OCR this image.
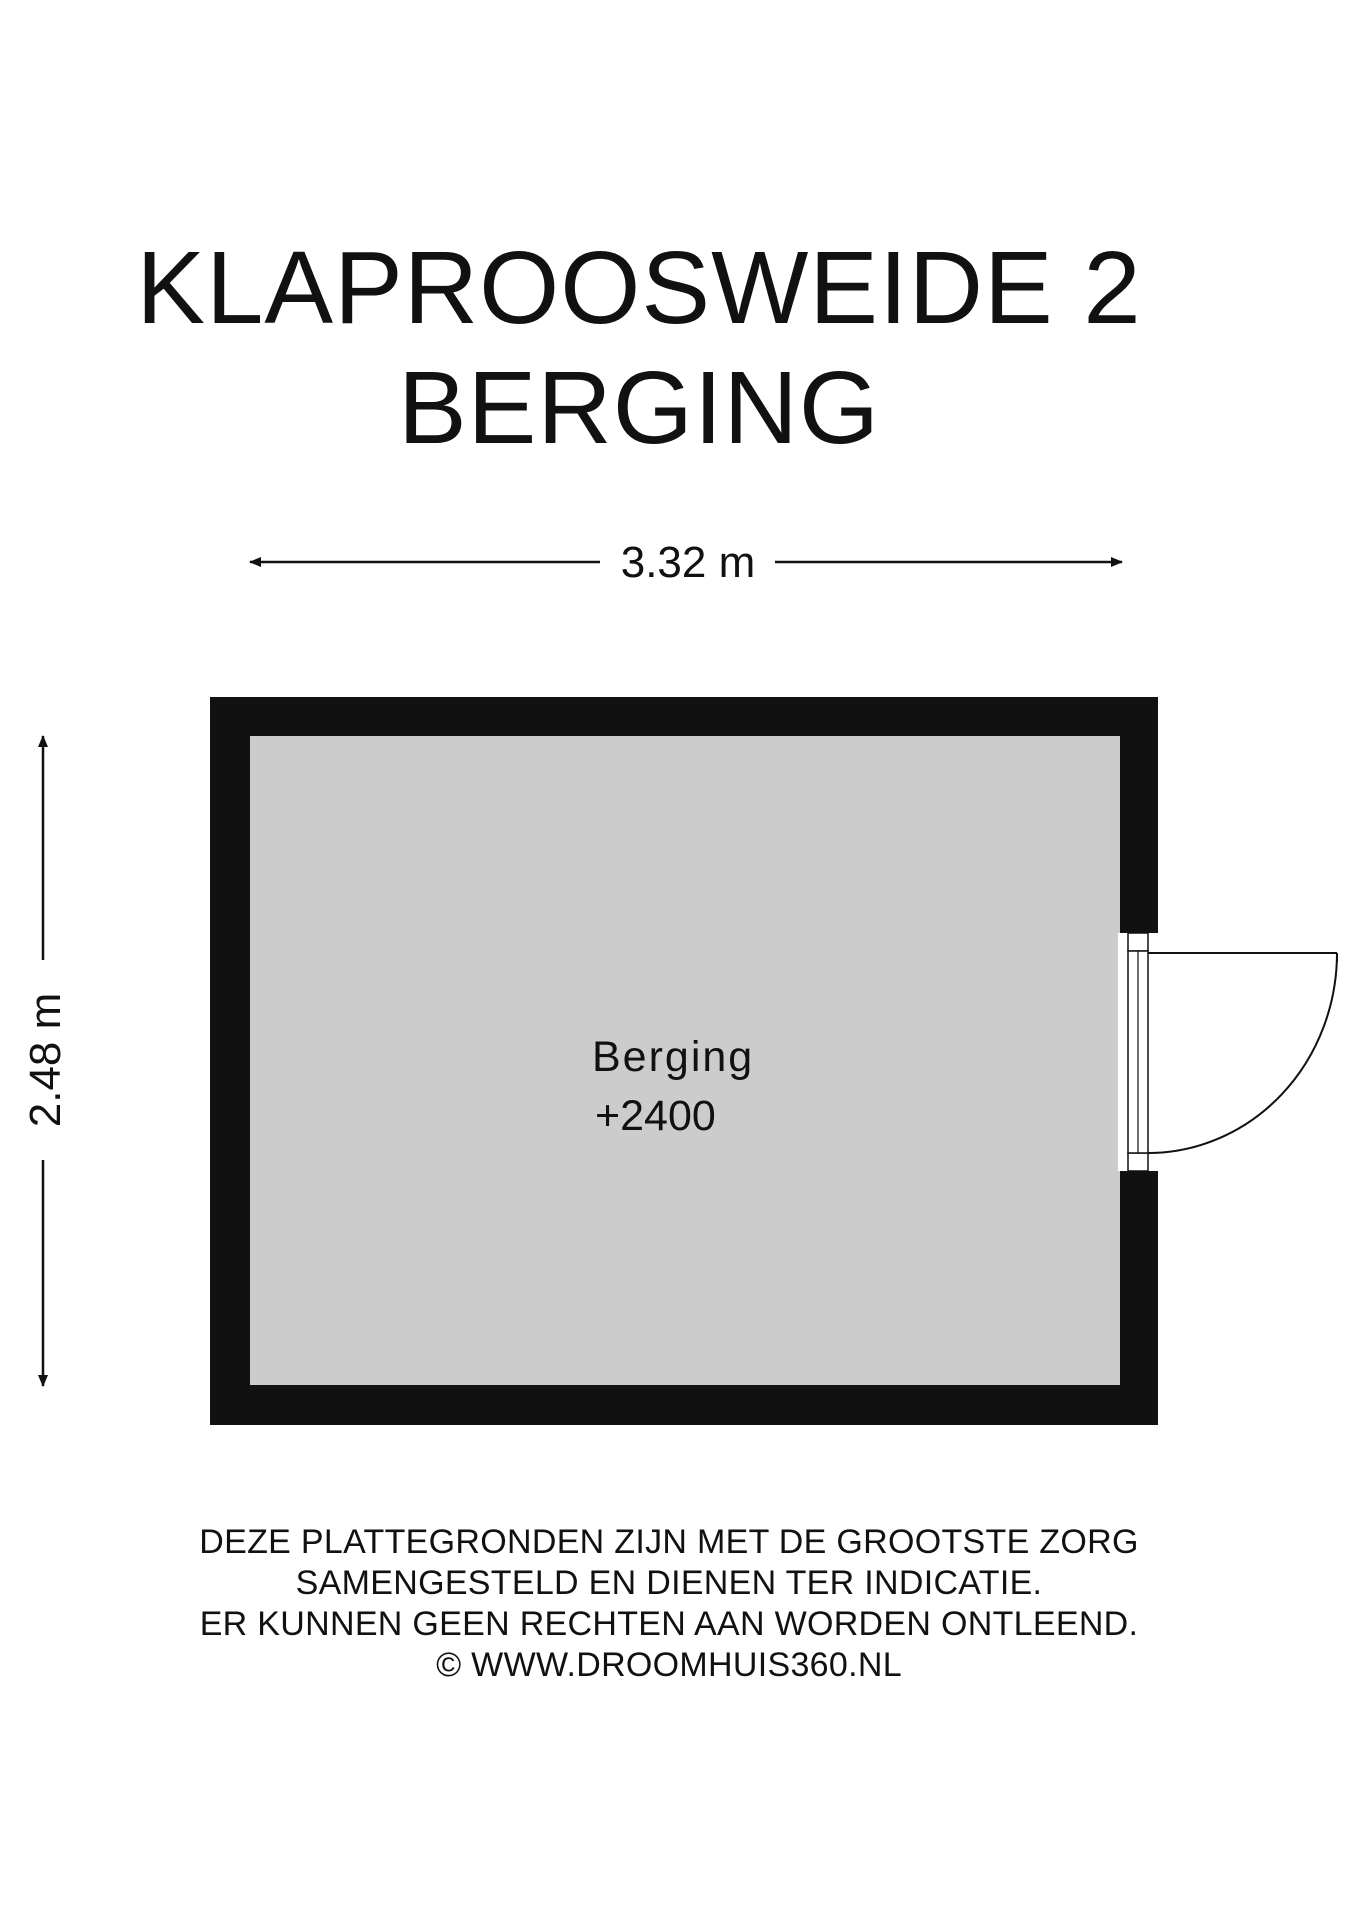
KLAPROOSWEIDE 2
BERGING
3.32 m
2.48 m	Berging
+2400
DEZE PLATTEGRONDEN ZIJN MET DE GROOTSTE ZORG
SAMENGESTELD EN DIENEN TER INDICATIE.
ER KUNNEN GEEN RECHTEN AAN WORDEN ONTLEEND.
© WWW.DROOMHUIS360.NL
